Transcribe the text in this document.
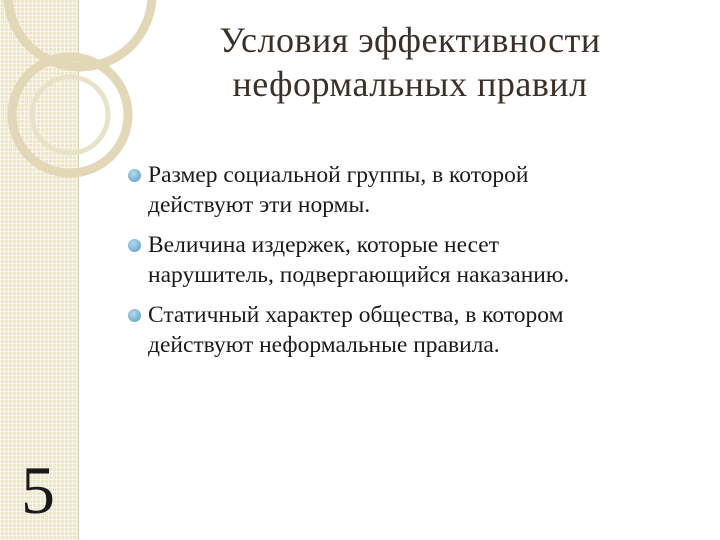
Условия эффективности
неформальных правил
Размер социальной группы, в которой
действуют эти нормы.
Величина издержек, которые несет
нарушитель, подвергающийся наказанию.
Статичный характер общества, в котором
действуют неформальные правила.
5
